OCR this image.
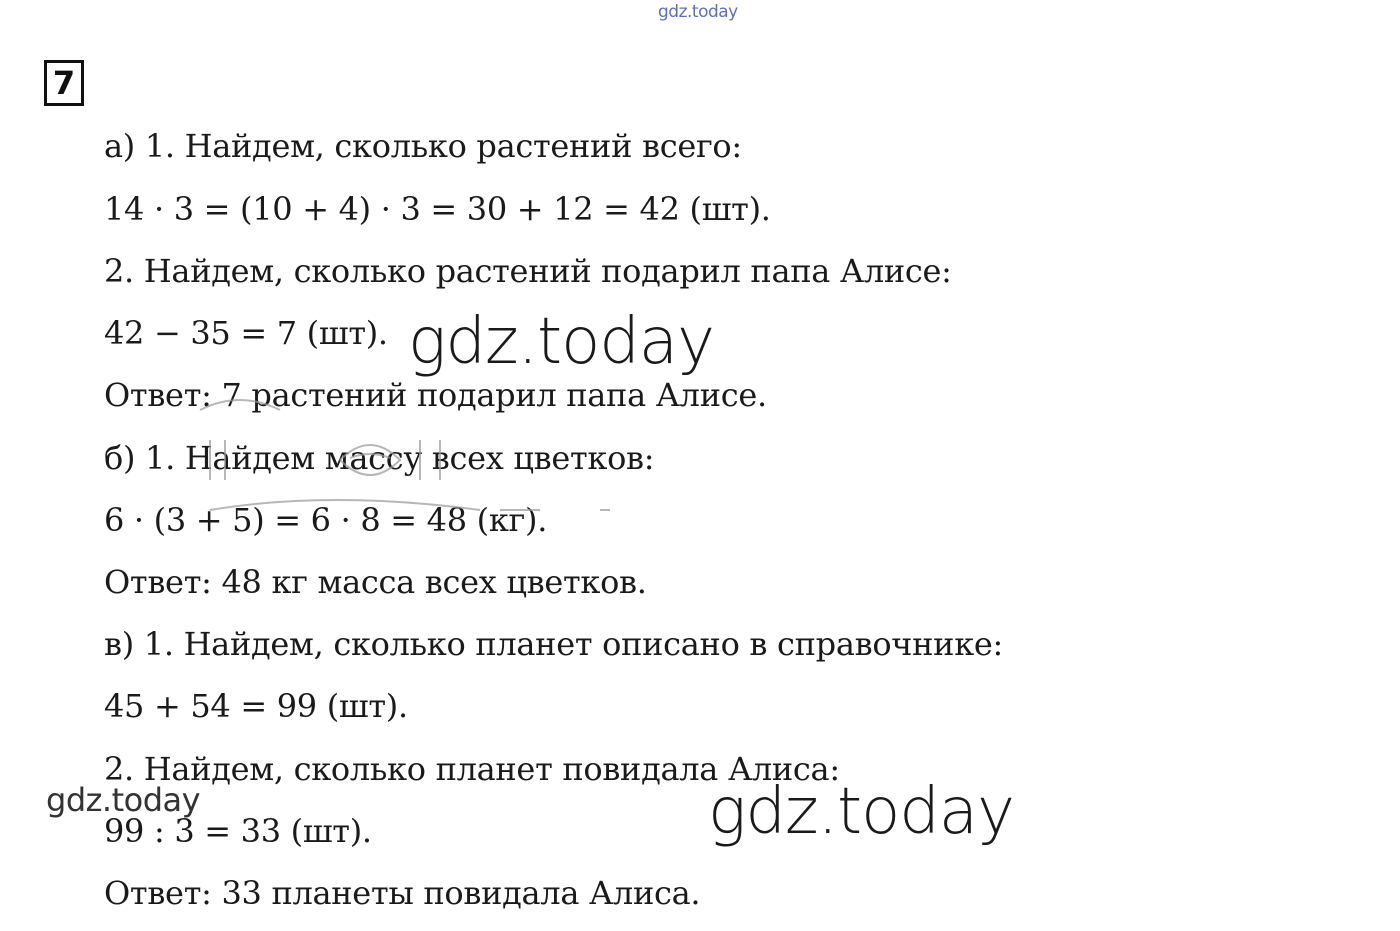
gdz.today
7
а) 1. Найдем, сколько растений всего:
14 · 3 = (10 + 4) · 3 = 30 + 12 = 42 (шт).
2. Найдем, сколько растений подарил папа Алисе:
42 − 35 = 7 (шт).
Ответ: 7 растений подарил папа Алисе.
б) 1. Найдем массу всех цветков:
6 · (3 + 5) = 6 · 8 = 48 (кг).
Ответ: 48 кг масса всех цветков.
в) 1. Найдем, сколько планет описано в справочнике:
45 + 54 = 99 (шт).
2. Найдем, сколько планет повидала Алиса:
99 : 3 = 33 (шт).
Ответ: 33 планеты повидала Алиса.
gdz.today
gdz.today
gdz.today
